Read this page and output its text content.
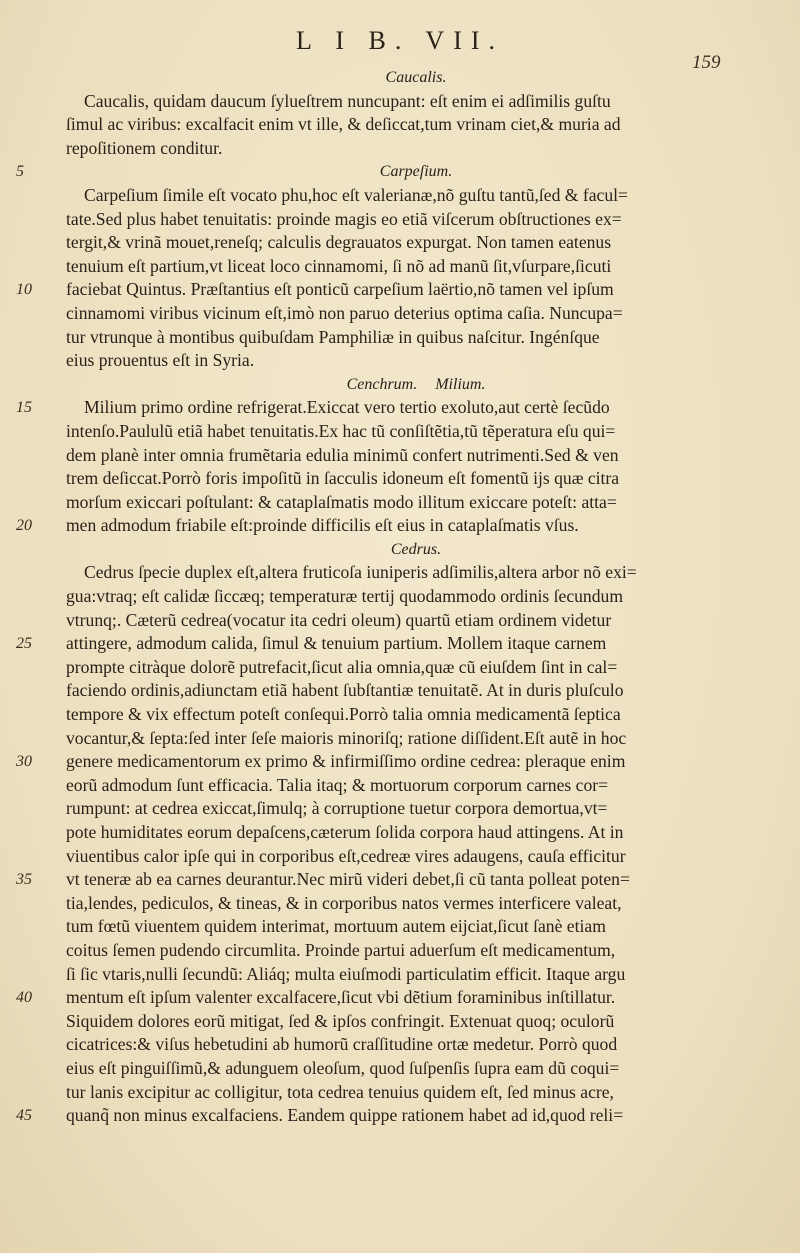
L I B. VII.
159
Caucalis.
Caucalis, quidam daucum ſylueſtrem nuncupant: eſt enim ei adſimilis guſtu
ſimul ac viribus: excalfacit enim vt ille, & deſiccat,tum vrinam ciet,& muria ad
repoſitionem conditur.
Carpeſium.
Carpeſium ſimile eſt vocato phu,hoc eſt valerianæ,nõ guſtu tantũ,ſed & facul=
tate.Sed plus habet tenuitatis: proinde magis eo etiã viſcerum obſtructiones ex=
tergit,& vrinã mouet,reneſq; calculis degrauatos expurgat. Non tamen eatenus
tenuium eſt partium,vt liceat loco cinnamomi, ſi nõ ad manũ ſit,vſurpare,ſicuti
faciebat Quintus. Præſtantius eſt ponticũ carpeſium laërtio,nõ tamen vel ipſum
cinnamomi viribus vicinum eſt,imò non paruo deterius optima caſia. Nuncupa=
tur vtrunque à montibus quibuſdam Pamphiliæ in quibus naſcitur. Ingénſque
eius prouentus eſt in Syria.
Cenchrum. Milium.
Milium primo ordine refrigerat.Exiccat vero tertio exoluto,aut certè ſecũdo
intenſo.Paululũ etiã habet tenuitatis.Ex hac tũ conſiſtẽtia,tũ tẽperatura eſu qui=
dem planè inter omnia frumẽtaria edulia minimũ confert nutrimenti.Sed & ven
trem deſiccat.Porrò foris impoſitũ in ſacculis idoneum eſt fomentũ ijs quæ citra
morſum exiccari poſtulant: & cataplaſmatis modo illitum exiccare poteſt: atta=
men admodum friabile eſt:proinde difficilis eſt eius in cataplaſmatis vſus.
Cedrus.
Cedrus ſpecie duplex eſt,altera fruticoſa iuniperis adſimilis,altera arbor nõ exi=
gua:vtraq; eſt calidæ ſiccæq; temperaturæ tertij quodammodo ordinis ſecundum
vtrunq;. Cæterũ cedrea(vocatur ita cedri oleum) quartũ etiam ordinem videtur
attingere, admodum calida, ſimul & tenuium partium. Mollem itaque carnem
prompte citràque dolorẽ putrefacit,ſicut alia omnia,quæ cũ eiuſdem ſint in cal=
faciendo ordinis,adiunctam etiã habent ſubſtantiæ tenuitatẽ. At in duris pluſculo
tempore & vix effectum poteſt conſequi.Porrò talia omnia medicamentã ſeptica
vocantur,& ſepta:ſed inter ſeſe maioris minoriſq; ratione diſſident.Eſt autẽ in hoc
genere medicamentorum ex primo & infirmiſſimo ordine cedrea: pleraque enim
eorũ admodum ſunt efficacia. Talia itaq; & mortuorum corporum carnes cor=
rumpunt: at cedrea exiccat,ſimulq; à corruptione tuetur corpora demortua,vt=
pote humiditates eorum depaſcens,cæterum ſolida corpora haud attingens. At in
viuentibus calor ipſe qui in corporibus eſt,cedreæ vires adaugens, cauſa efficitur
vt teneræ ab ea carnes deurantur.Nec mirũ videri debet,ſi cũ tanta polleat poten=
tia,lendes, pediculos, & tineas, & in corporibus natos vermes interficere valeat,
tum fœtũ viuentem quidem interimat, mortuum autem eijciat,ſicut ſanè etiam
coitus ſemen pudendo circumlita. Proinde partui aduerſum eſt medicamentum,
ſi ſic vtaris,nulli ſecundũ: Aliáq; multa eiuſmodi particulatim efficit. Itaque argu
mentum eſt ipſum valenter excalfacere,ſicut vbi dẽtium foraminibus inſtillatur.
Siquidem dolores eorũ mitigat, ſed & ipſos confringit. Extenuat quoq; oculorũ
cicatrices:& viſus hebetudini ab humorũ craſſitudine ortæ medetur. Porrò quod
eius eſt pinguiſſimũ,& adunguem oleoſum, quod ſuſpenſis ſupra eam dũ coqui=
tur lanis excipitur ac colligitur, tota cedrea tenuius quidem eſt, ſed minus acre,
quanq̃ non minus excalfaciens. Eandem quippe rationem habet ad id,quod reli=
5
10
15
20
25
30
35
40
45
